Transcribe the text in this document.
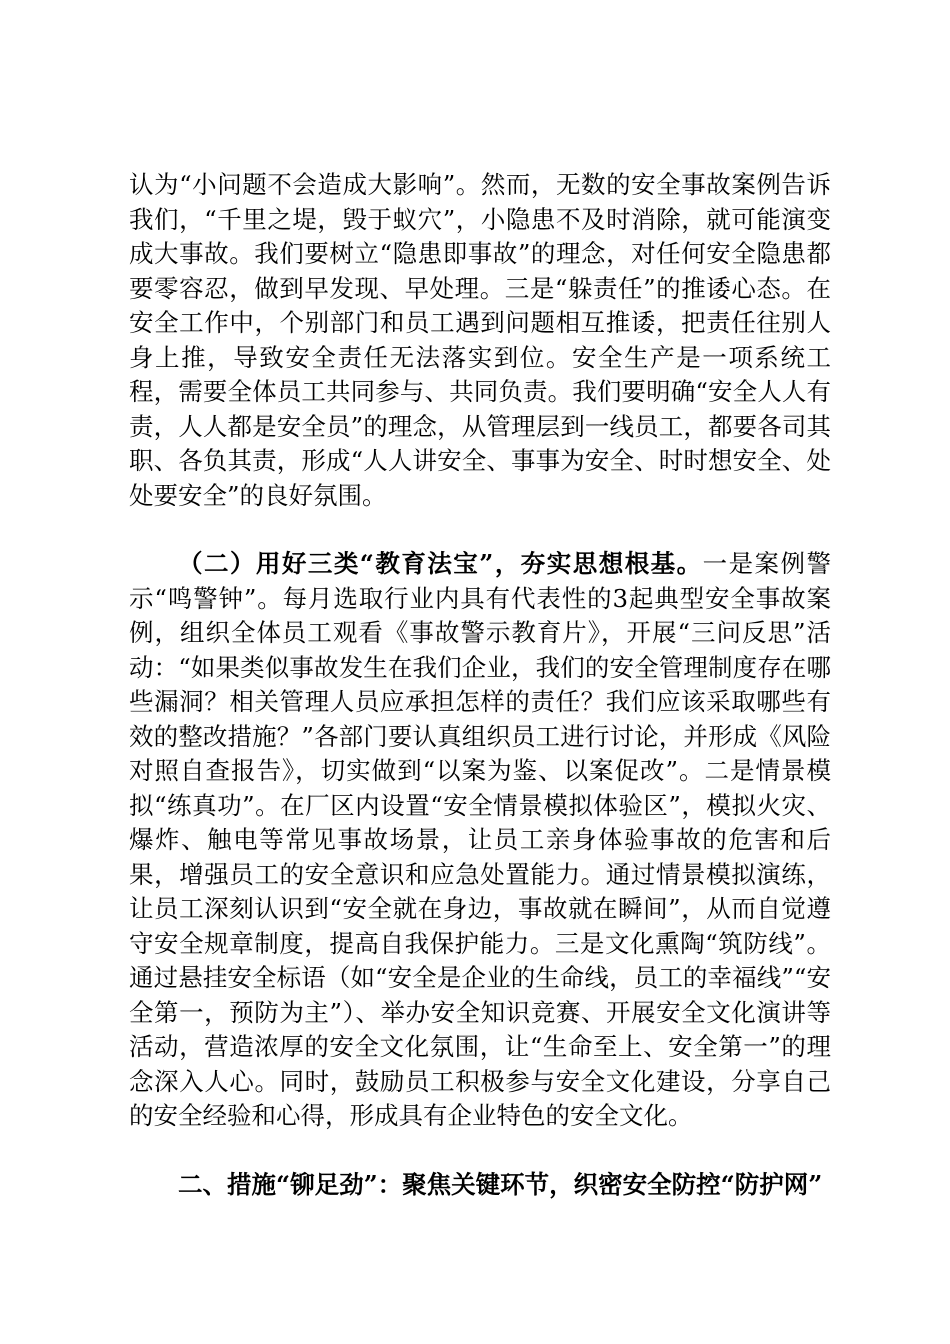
认为“小问题不会造成大影响”。然而，无数的安全事故案例告诉我们，“千里之堤，毁于蚁穴”，小隐患不及时消除，就可能演变成大事故。我们要树立“隐患即事故”的理念，对任何安全隐患都要零容忍，做到早发现、早处理。三是“躲责任”的推诿心态。在安全工作中，个别部门和员工遇到问题相互推诿，把责任往别人身上推，导致安全责任无法落实到位。安全生产是一项系统工程，需要全体员工共同参与、共同负责。我们要明确“安全人人有责，人人都是安全员”的理念，从管理层到一线员工，都要各司其职、各负其责，形成“人人讲安全、事事为安全、时时想安全、处处要安全”的良好氛围。

（二）用好三类“教育法宝”，夯实思想根基。一是案例警示“鸣警钟”。每月选取行业内具有代表性的3起典型安全事故案例，组织全体员工观看《事故警示教育片》，开展“三问反思”活动：“如果类似事故发生在我们企业，我们的安全管理制度存在哪些漏洞？相关管理人员应承担怎样的责任？我们应该采取哪些有效的整改措施？”各部门要认真组织员工进行讨论，并形成《风险对照自查报告》，切实做到“以案为鉴、以案促改”。二是情景模拟“练真功”。在厂区内设置“安全情景模拟体验区”，模拟火灾、爆炸、触电等常见事故场景，让员工亲身体验事故的危害和后果，增强员工的安全意识和应急处置能力。通过情景模拟演练，让员工深刻认识到“安全就在身边，事故就在瞬间”，从而自觉遵守安全规章制度，提高自我保护能力。三是文化熏陶“筑防线”。通过悬挂安全标语（如“安全是企业的生命线，员工的幸福线”“安全第一，预防为主”）、举办安全知识竞赛、开展安全文化演讲等活动，营造浓厚的安全文化氛围，让“生命至上、安全第一”的理念深入人心。同时，鼓励员工积极参与安全文化建设，分享自己的安全经验和心得，形成具有企业特色的安全文化。

二、措施“铆足劲”：聚焦关键环节，织密安全防控“防护网”
